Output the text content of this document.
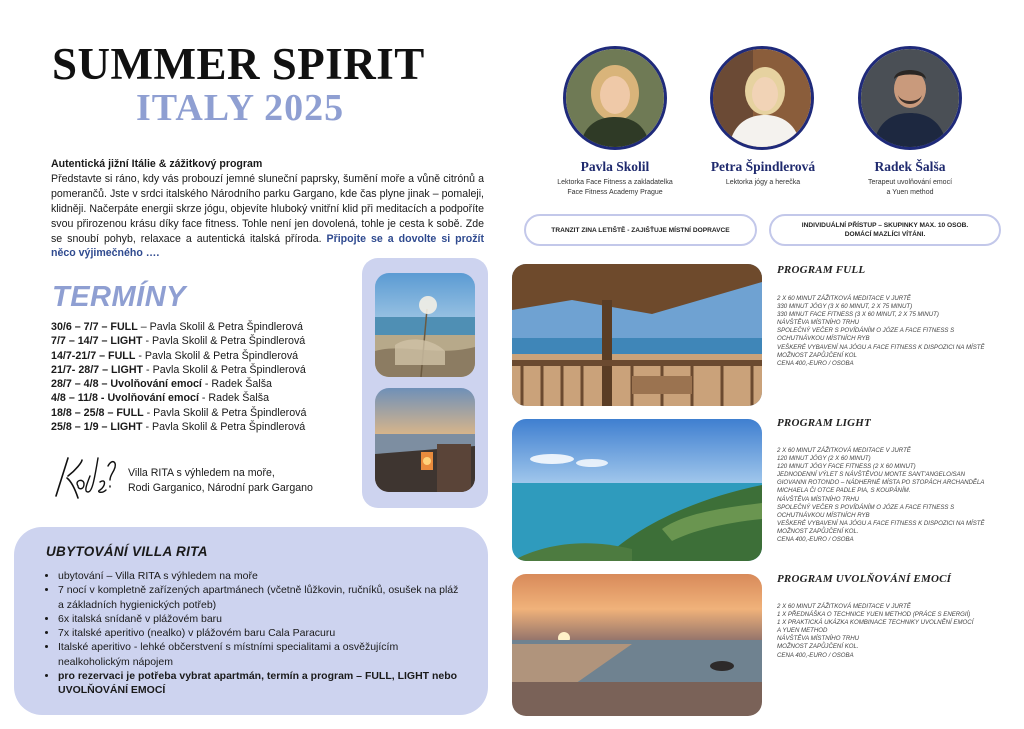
SUMMER SPIRIT
ITALY 2025
Autentická jižní Itálie & zážitkový program
Představte si ráno, kdy vás probouzí jemné sluneční paprsky, šumění moře a vůně citrónů a pomerančů. Jste v srdci italského Národního parku Gargano, kde čas plyne jinak – pomaleji, klidněji. Načerpáte energii skrze jógu, objevíte hluboký vnitřní klid při meditacích a podpoříte svou přirozenou krásu díky face fitness. Tohle není jen dovolená, tohle je cesta k sobě. Zde se snoubí pohyb, relaxace a autentická italská příroda. Připojte se a dovolte si prožít něco výjimečného ….
TERMÍNY
30/6 – 7/7 – FULL – Pavla Skolil & Petra Špindlerová
7/7 – 14/7 – LIGHT - Pavla Skolil & Petra Špindlerová
14/7-21/7 – FULL - Pavla Skolil & Petra Špindlerová
21/7- 28/7 – LIGHT - Pavla Skolil & Petra Špindlerová
28/7 – 4/8 – Uvolňování emocí - Radek Šalša
4/8 – 11/8 - Uvolňování emocí - Radek Šalša
18/8 – 25/8 – FULL - Pavla Skolil & Petra Špindlerová
25/8 – 1/9 – LIGHT - Pavla Skolil & Petra Špindlerová
Villa RITA s výhledem na moře,
Rodi Garganico, Národní park Gargano
UBYTOVÁNÍ VILLA RITA
• ubytování – Villa RITA s výhledem na moře
• 7 nocí v kompletně zařízených apartmánech (včetně lůžkovin, ručníků, osušek na pláž a základních hygienických potřeb)
• 6x italská snídaně v plážovém baru
• 7x italské aperitivo (nealko) v plážovém baru Cala Paracuru
• Italské aperitivo - lehké občerstvení s místními specialitami a osvěžujícím nealkoholickým nápojem
• pro rezervaci je potřeba vybrat apartmán, termín a program – FULL, LIGHT nebo UVOLŇOVÁNÍ EMOCÍ
Pavla Skolil
Lektorka Face Fitness a zakladatelka
Face Fitness Academy Prague
Petra Špindlerová
Lektorka jógy a herečka
Radek Šalša
Terapeut uvolňování emocí
a Yuen method
TRANZIT ZINA LETIŠTĚ - ZAJIŠŤUJE MÍSTNÍ DOPRAVCE
INDIVIDUÁLNÍ PŘÍSTUP – SKUPINKY MAX. 10 OSOB.
DOMÁCÍ MAZLÍCI VÍTÁNI.
PROGRAM FULL
2 X 60 MINUT ZÁŽITKOVÁ MEDITACE V JURTĚ
330 MINUT JÓGY (3 X 60 MINUT, 2 X 75 MINUT)
330 MINUT FACE FITNESS (3 X 60 MINUT, 2 X 75 MINUT)
NÁVŠTĚVA MÍSTNÍHO TRHU
SPOLEČNÝ VEČER S POVÍDÁNÍM O JÓZE A FACE FITNESS S
OCHUTNÁVKOU MÍSTNÍCH RYB
VEŠKERÉ VYBAVENÍ NA JÓGU A FACE FITNESS K DISPOZICI NA MÍSTĚ
MOŽNOST ZAPŮJČENÍ KOL
CENA 400,-EURO / OSOBA
PROGRAM LIGHT
2 X 60 MINUT ZÁŽITKOVÁ MEDITACE V JURTĚ
120 MINUT JÓGY (2 X 60 MINUT)
120 MINUT JÓGY FACE FITNESS (2 X 60 MINUT)
JEDNODENNÍ VÝLET S NÁVŠTĚVOU MONTE SANT'ANGELO/SAN
GIOVANNI ROTONDO – NÁDHERNÉ MÍSTA PO STOPÁCH ARCHANDĚLA
MICHAELA ČI OTCE PADLE PIA, S KOUPÁNÍM.
NÁVŠTĚVA MÍSTNÍHO TRHU
SPOLEČNÝ VEČER S POVÍDÁNÍM O JÓZE A FACE FITNESS S
OCHUTNÁVKOU MÍSTNÍCH RYB
VEŠKERÉ VYBAVENÍ NA JÓGU A FACE FITNESS K DISPOZICI NA MÍSTĚ
MOŽNOST ZAPŮJČENÍ KOL.
CENA 400,-EURO / OSOBA
PROGRAM UVOLŇOVÁNÍ EMOCÍ
2 X 60 MINUT ZÁŽITKOVÁ MEDITACE V JURTĚ
1 X PŘEDNÁŠKA O TECHNICE YUEN METHOD (PRÁCE S ENERGIÍ)
1 X PRAKTICKÁ UKÁZKA KOMBINACE TECHNIKY UVOLNĚNÍ EMOCÍ
A YUEN METHOD
NÁVŠTĚVA MÍSTNÍHO TRHU
MOŽNOST ZAPŮJČENÍ KOL.
CENA 400,-EURO / OSOBA
